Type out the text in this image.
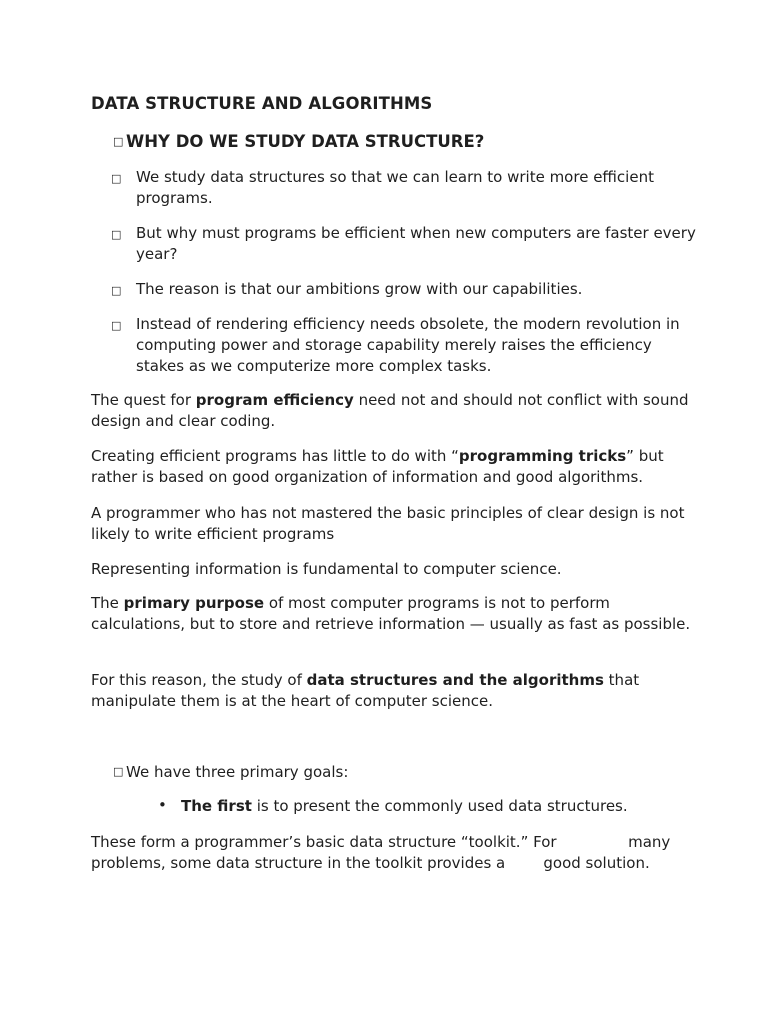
DATA STRUCTURE AND ALGORITHMS
□ WHY DO WE STUDY DATA STRUCTURE?
□ We study data structures so that we can learn to write more efficient programs.
□ But why must programs be efficient when new computers are faster every year?
□ The reason is that our ambitions grow with our capabilities.
□ Instead of rendering efficiency needs obsolete, the modern revolution in computing power and storage capability merely raises the efficiency stakes as we computerize more complex tasks.
The quest for program efficiency need not and should not conflict with sound design and clear coding.
Creating efficient programs has little to do with “programming tricks” but rather is based on good organization of information and good algorithms.
A programmer who has not mastered the basic principles of clear design is not likely to write efficient programs
Representing information is fundamental to computer science.
The primary purpose of most computer programs is not to perform calculations, but to store and retrieve information — usually as fast as possible.
For this reason, the study of data structures and the algorithms that manipulate them is at the heart of computer science.
□ We have three primary goals:
• The first is to present the commonly used data structures.
These form a programmer’s basic data structure “toolkit.” For               many
problems, some data structure in the toolkit provides a        good solution.
